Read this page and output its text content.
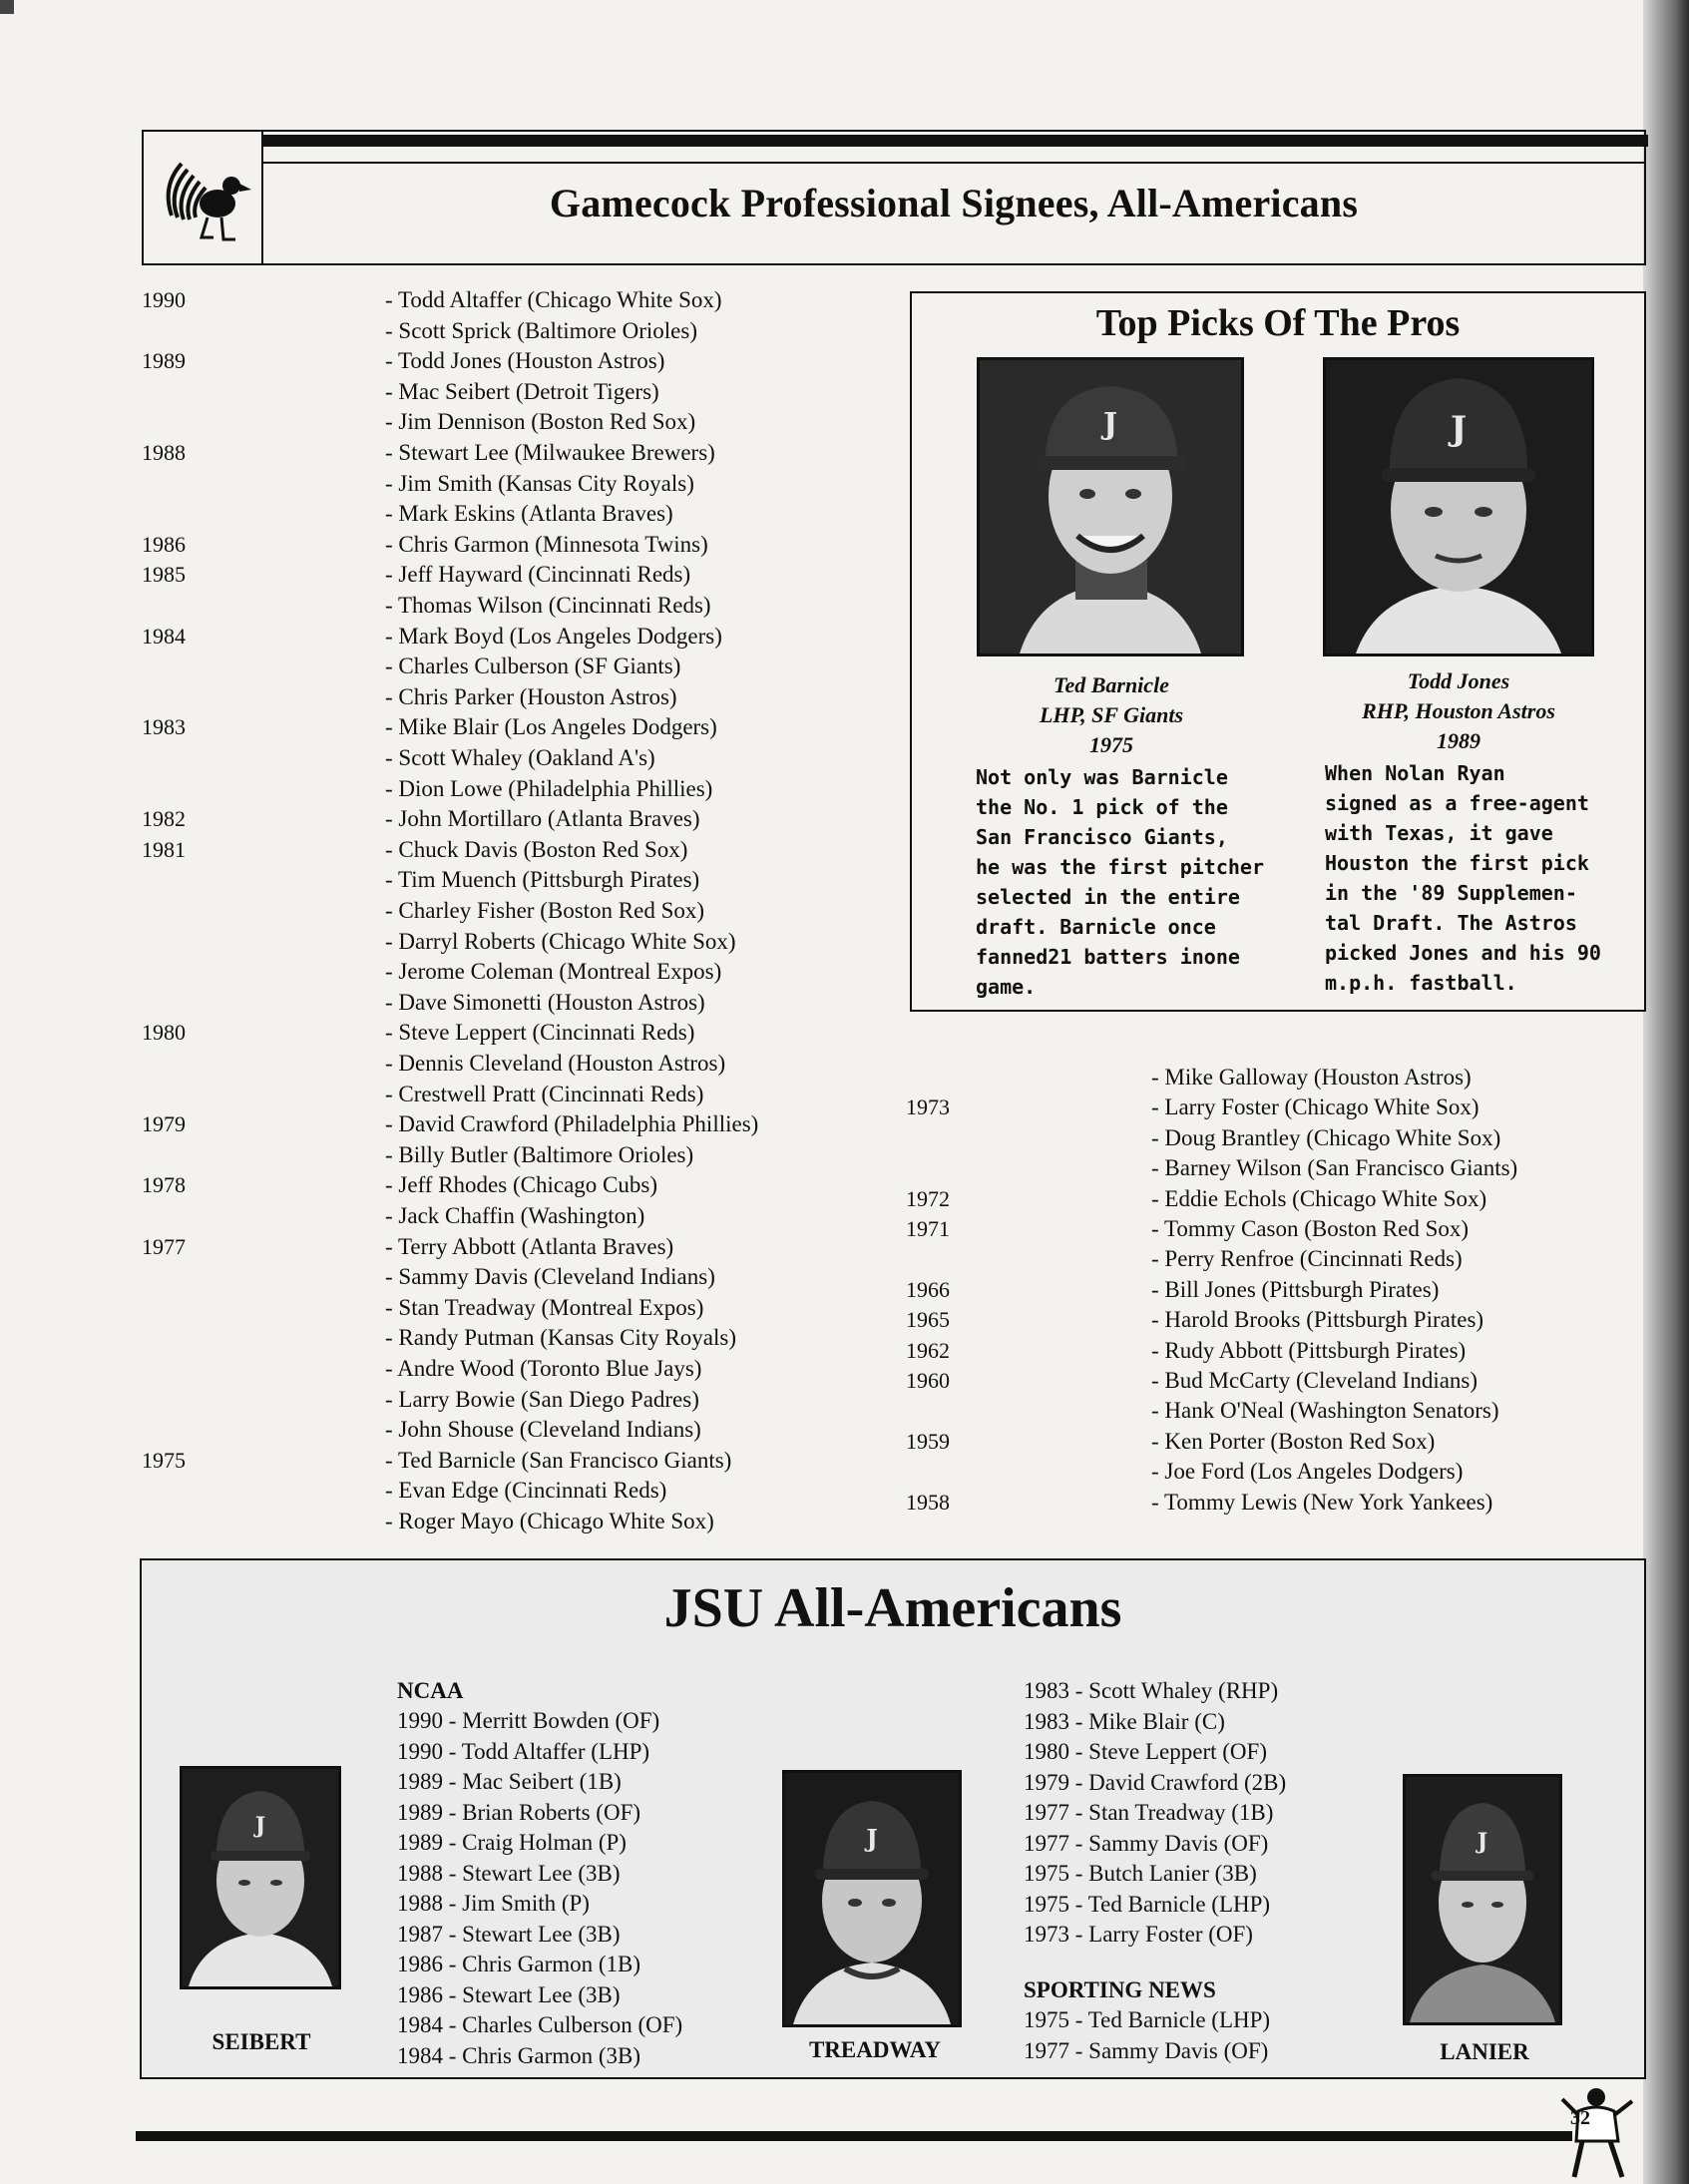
Gamecock Professional Signees, All-Americans
1990	- Todd Altaffer (Chicago White Sox)
- Scott Sprick (Baltimore Orioles)
1989	- Todd Jones (Houston Astros)
- Mac Seibert (Detroit Tigers)
- Jim Dennison (Boston Red Sox)
1988	- Stewart Lee (Milwaukee Brewers)
- Jim Smith (Kansas City Royals)
- Mark Eskins (Atlanta Braves)
1986	- Chris Garmon (Minnesota Twins)
1985	- Jeff Hayward (Cincinnati Reds)
- Thomas Wilson (Cincinnati Reds)
1984	- Mark Boyd (Los Angeles Dodgers)
- Charles Culberson (SF Giants)
- Chris Parker (Houston Astros)
1983	- Mike Blair (Los Angeles Dodgers)
- Scott Whaley (Oakland A's)
- Dion Lowe (Philadelphia Phillies)
1982	- John Mortillaro (Atlanta Braves)
1981	- Chuck Davis (Boston Red Sox)
- Tim Muench (Pittsburgh Pirates)
- Charley Fisher (Boston Red Sox)
- Darryl Roberts (Chicago White Sox)
- Jerome Coleman (Montreal Expos)
- Dave Simonetti (Houston Astros)
1980	- Steve Leppert (Cincinnati Reds)
- Dennis Cleveland (Houston Astros)
- Crestwell Pratt (Cincinnati Reds)
1979	- David Crawford (Philadelphia Phillies)
- Billy Butler (Baltimore Orioles)
1978	- Jeff Rhodes (Chicago Cubs)
- Jack Chaffin (Washington)
1977	- Terry Abbott (Atlanta Braves)
- Sammy Davis (Cleveland Indians)
- Stan Treadway (Montreal Expos)
- Randy Putman (Kansas City Royals)
- Andre Wood (Toronto Blue Jays)
- Larry Bowie (San Diego Padres)
- John Shouse (Cleveland Indians)
1975	- Ted Barnicle (San Francisco Giants)
- Evan Edge (Cincinnati Reds)
- Roger Mayo (Chicago White Sox)
Top Picks Of The Pros
J	J
Ted Barnicle
LHP, SF Giants
1975
Todd Jones
RHP, Houston Astros
1989
Not only was Barnicle
the No. 1 pick of the
San Francisco Giants,
he was the first pitcher
selected in the entire
draft. Barnicle once
fanned21 batters inone
game.
When Nolan Ryan
signed as a free-agent
with Texas, it gave
Houston the first pick
in the '89 Supplemen-
tal Draft. The Astros
picked Jones and his 90
m.p.h. fastball.
- Mike Galloway (Houston Astros)
1973	- Larry Foster (Chicago White Sox)
- Doug Brantley (Chicago White Sox)
- Barney Wilson (San Francisco Giants)
1972	- Eddie Echols (Chicago White Sox)
1971	- Tommy Cason (Boston Red Sox)
- Perry Renfroe (Cincinnati Reds)
1966	- Bill Jones (Pittsburgh Pirates)
1965	- Harold Brooks (Pittsburgh Pirates)
1962	- Rudy Abbott (Pittsburgh Pirates)
1960	- Bud McCarty (Cleveland Indians)
- Hank O'Neal (Washington Senators)
1959	- Ken Porter (Boston Red Sox)
- Joe Ford (Los Angeles Dodgers)
1958	- Tommy Lewis (New York Yankees)
JSU All-Americans
J
SEIBERT
NCAA
1990 - Merritt Bowden (OF)
1990 - Todd Altaffer (LHP)
1989 - Mac Seibert (1B)
1989 - Brian Roberts (OF)
1989 - Craig Holman (P)
1988 - Stewart Lee (3B)
1988 - Jim Smith (P)
1987 - Stewart Lee (3B)
1986 - Chris Garmon (1B)
1986 - Stewart Lee (3B)
1984 - Charles Culberson (OF)
1984 - Chris Garmon (3B)
J
TREADWAY
1983 - Scott Whaley (RHP)
1983 - Mike Blair (C)
1980 - Steve Leppert (OF)
1979 - David Crawford (2B)
1977 - Stan Treadway (1B)
1977 - Sammy Davis (OF)
1975 - Butch Lanier (3B)
1975 - Ted Barnicle (LHP)
1973 - Larry Foster (OF)
SPORTING NEWS
1975 - Ted Barnicle (LHP)
1977 - Sammy Davis (OF)
J
LANIER
32
